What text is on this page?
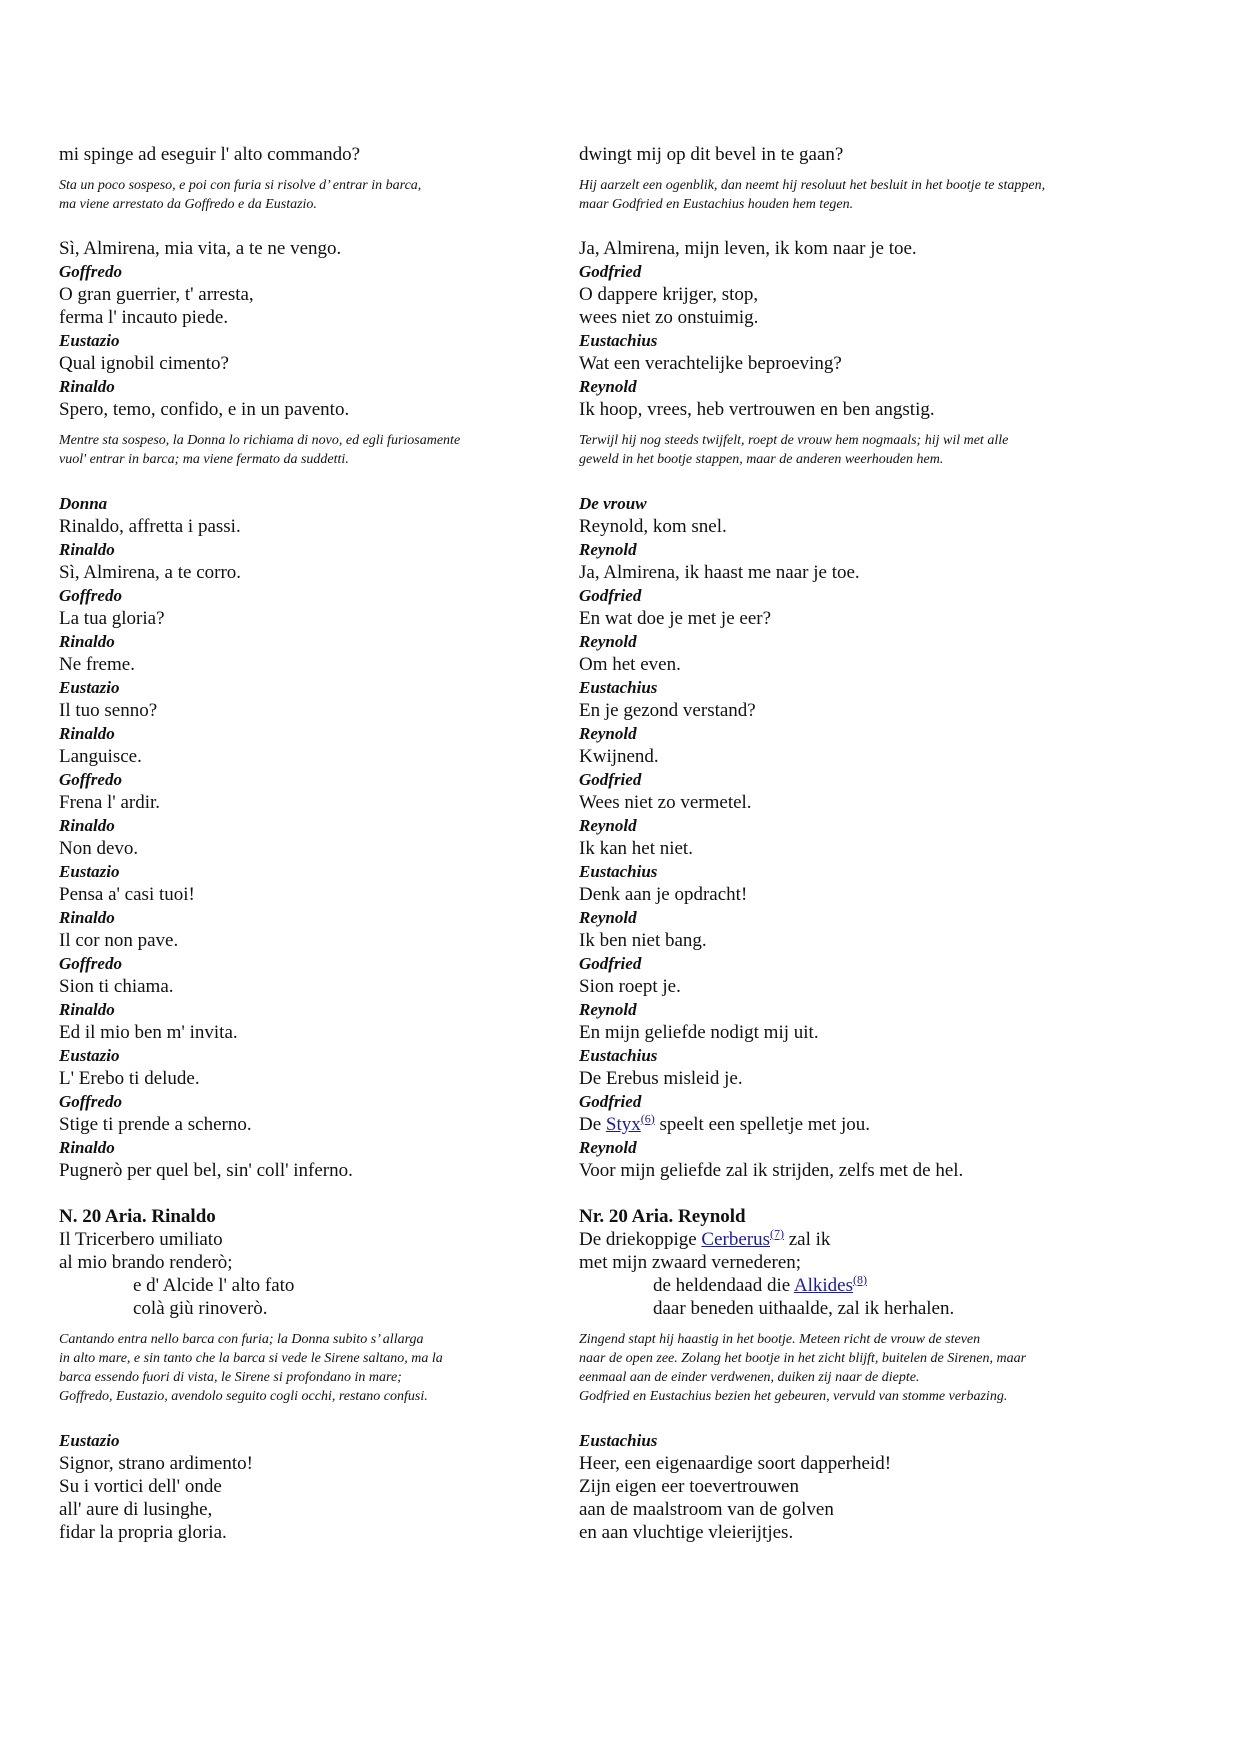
mi spinge ad eseguir l' alto commando?
Sta un poco sospeso, e poi con furia si risolve d’ entrar in barca,
ma viene arrestato da Goffredo e da Eustazio.
Sì, Almirena, mia vita, a te ne vengo.
Goffredo
O gran guerrier, t' arresta,
ferma l' incauto piede.
Eustazio
Qual ignobil cimento?
Rinaldo
Spero, temo, confido, e in un pavento.
Mentre sta sospeso, la Donna lo richiama di novo, ed egli furiosamente
vuol' entrar in barca; ma viene fermato da suddetti.
Donna
Rinaldo, affretta i passi.
Rinaldo
Sì, Almirena, a te corro.
Goffredo
La tua gloria?
Rinaldo
Ne freme.
Eustazio
Il tuo senno?
Rinaldo
Languisce.
Goffredo
Frena l' ardir.
Rinaldo
Non devo.
Eustazio
Pensa a' casi tuoi!
Rinaldo
Il cor non pave.
Goffredo
Sion ti chiama.
Rinaldo
Ed il mio ben m' invita.
Eustazio
L' Erebo ti delude.
Goffredo
Stige ti prende a scherno.
Rinaldo
Pugnerò per quel bel, sin' coll' inferno.
N. 20 Aria. Rinaldo
Il Tricerbero umiliato
al mio brando renderò;
e d' Alcide l' alto fato
colà giù rinoverò.
Cantando entra nello barca con furia; la Donna subito s’ allarga
in alto mare, e sin tanto che la barca si vede le Sirene saltano, ma la
barca essendo fuori di vista, le Sirene si profondano in mare;
Goffredo, Eustazio, avendolo seguito cogli occhi, restano confusi.
Eustazio
Signor, strano ardimento!
Su i vortici dell' onde
all' aure di lusinghe,
fidar la propria gloria.
dwingt mij op dit bevel in te gaan?
Hij aarzelt een ogenblik, dan neemt hij resoluut het besluit in het bootje te stappen,
maar Godfried en Eustachius houden hem tegen.
Ja, Almirena, mijn leven, ik kom naar je toe.
Godfried
O dappere krijger, stop,
wees niet zo onstuimig.
Eustachius
Wat een verachtelijke beproeving?
Reynold
Ik hoop, vrees, heb vertrouwen en ben angstig.
Terwijl hij nog steeds twijfelt, roept de vrouw hem nogmaals; hij wil met alle
geweld in het bootje stappen, maar de anderen weerhouden hem.
De vrouw
Reynold, kom snel.
Reynold
Ja, Almirena, ik haast me naar je toe.
Godfried
En wat doe je met je eer?
Reynold
Om het even.
Eustachius
En je gezond verstand?
Reynold
Kwijnend.
Godfried
Wees niet zo vermetel.
Reynold
Ik kan het niet.
Eustachius
Denk aan je opdracht!
Reynold
Ik ben niet bang.
Godfried
Sion roept je.
Reynold
En mijn geliefde nodigt mij uit.
Eustachius
De Erebus misleid je.
Godfried
De Styx$^{(6)}$ speelt een spelletje met jou.
Reynold
Voor mijn geliefde zal ik strijden, zelfs met de hel.
Nr. 20 Aria. Reynold
De driekoppige Cerberus$^{(7)}$ zal ik
met mijn zwaard vernederen;
de heldendaad die Alkides$^{(8)}$
daar beneden uithaalde, zal ik herhalen.
Zingend stapt hij haastig in het bootje. Meteen richt de vrouw de steven
naar de open zee. Zolang het bootje in het zicht blijft, buitelen de Sirenen, maar
eenmaal aan de einder verdwenen, duiken zij naar de diepte.
Godfried en Eustachius bezien het gebeuren, vervuld van stomme verbazing.
Eustachius
Heer, een eigenaardige soort dapperheid!
Zijn eigen eer toevertrouwen
aan de maalstroom van de golven
en aan vluchtige vleierijtjes.
